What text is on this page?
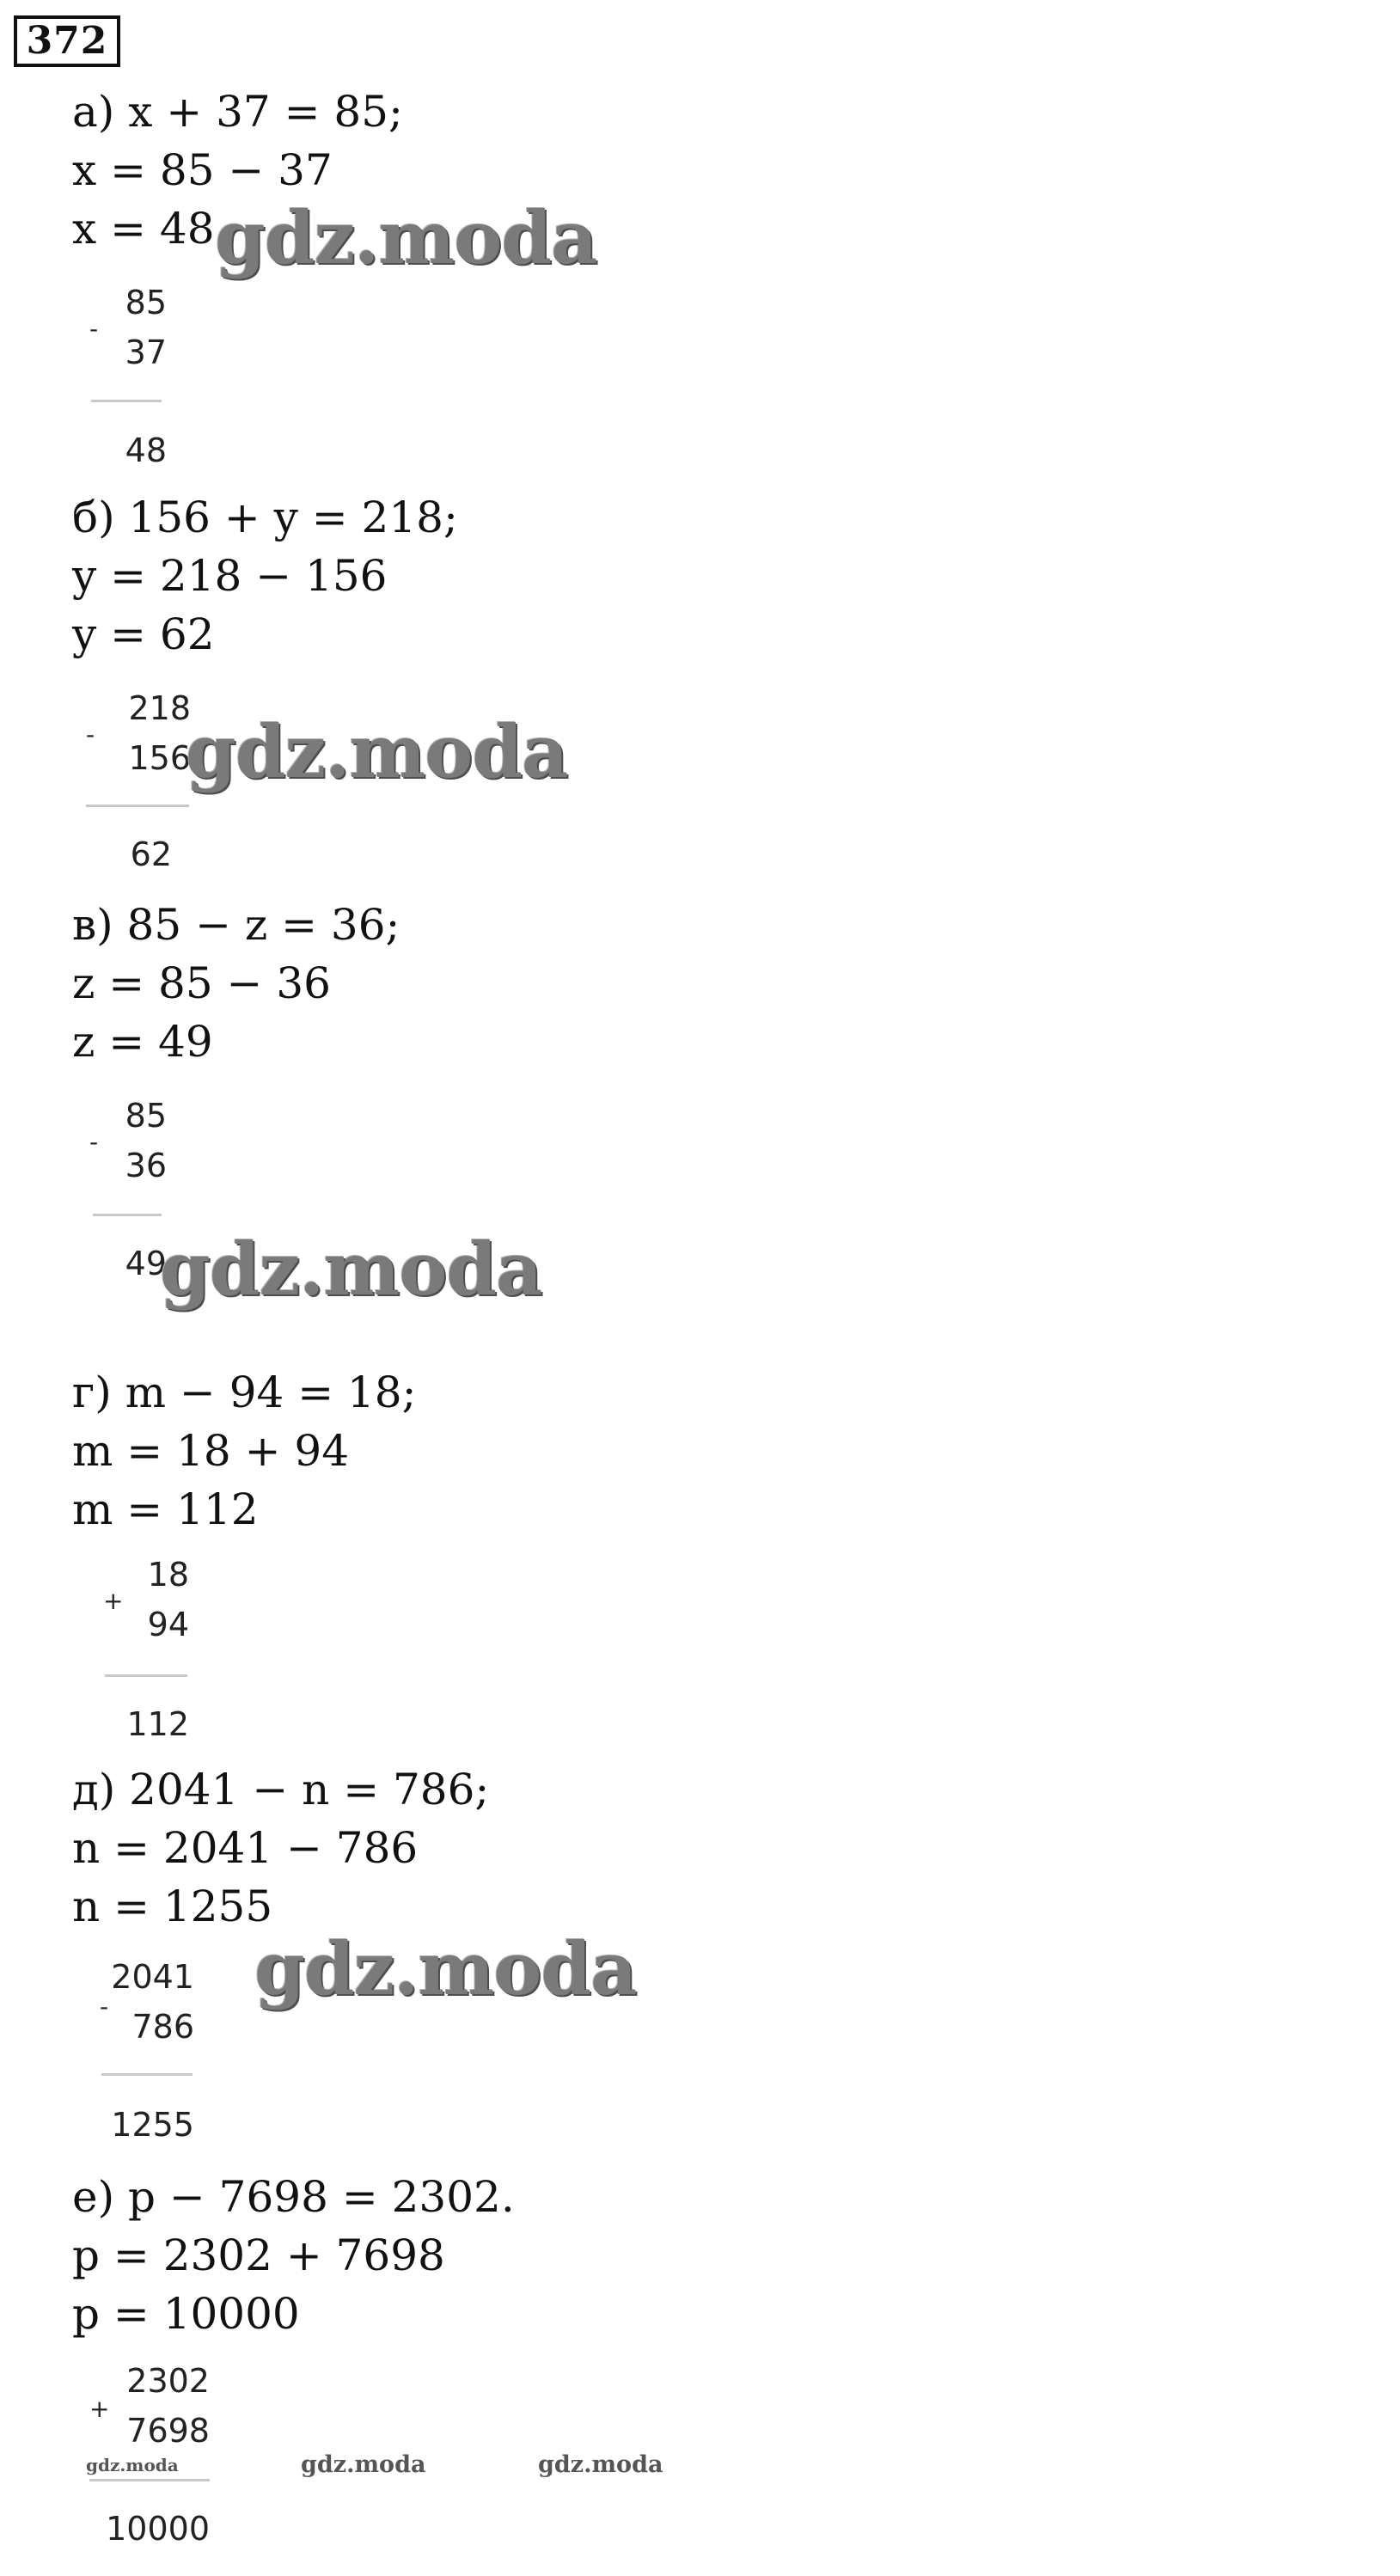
372
а) x + 37 = 85;
x = 85 − 37
x = 48
-
85
37
48
б) 156 + y = 218;
y = 218 − 156
y = 62
-
218
156
62
в) 85 − z = 36;
z = 85 − 36
z = 49
-
85
36
49
г) m − 94 = 18;
m = 18 + 94
m = 112
+
18
94
112
д) 2041 − n = 786;
n = 2041 − 786
n = 1255
-
2041
786
1255
е) p − 7698 = 2302.
p = 2302 + 7698
p = 10000
+
2302
7698
10000
gdz.moda
gdz.moda
gdz.moda
gdz.moda
gdz.moda	gdz.moda	gdz.moda
